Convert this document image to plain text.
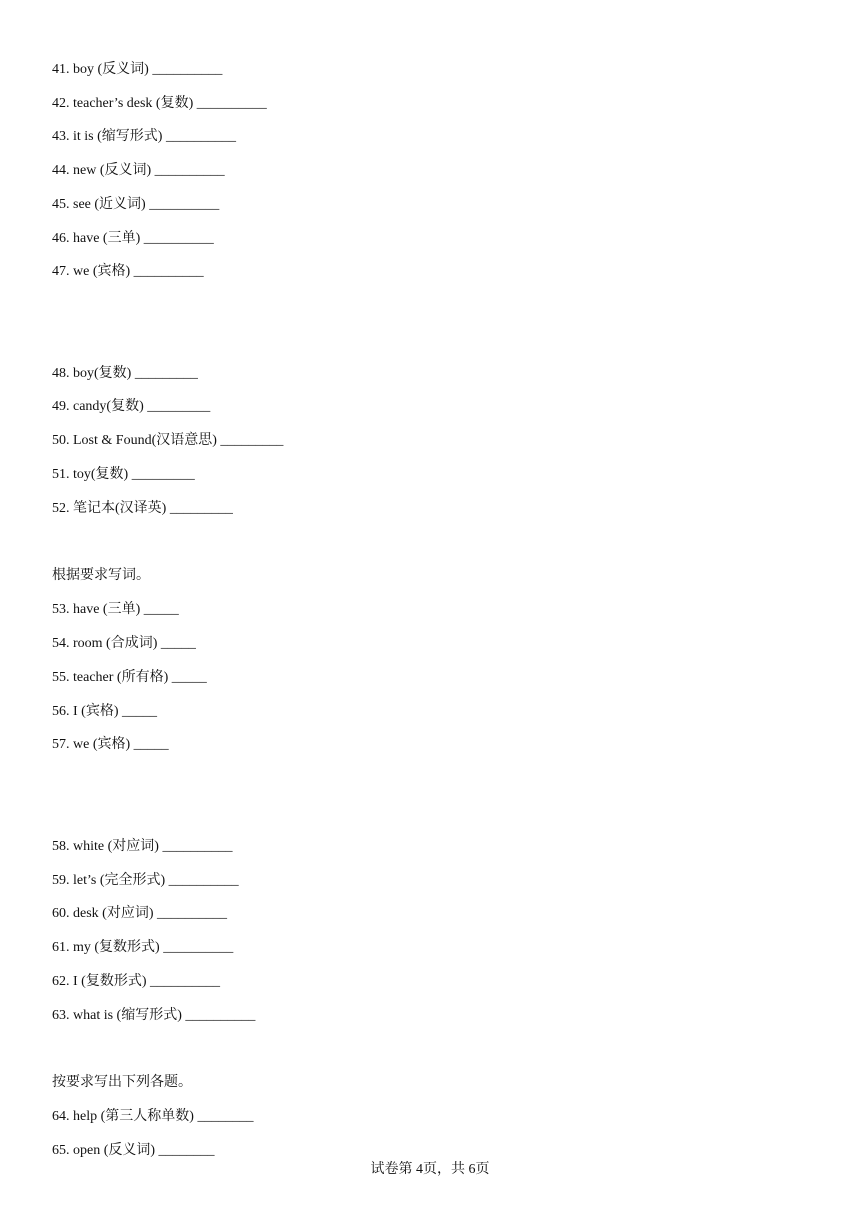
41. boy (反义词) __________
42. teacher’s desk (复数) __________
43. it is (缩写形式) __________
44. new (反义词) __________
45. see (近义词) __________
46. have (三单) __________
47. we (宾格) __________
48. boy(复数) _________
49. candy(复数) _________
50. Lost & Found(汉语意思) _________
51. toy(复数) _________
52. 笔记本(汉译英) _________
根据要求写词。
53. have (三单) _____
54. room (合成词) _____
55. teacher (所有格) _____
56. I (宾格) _____
57. we (宾格) _____
58. white (对应词) __________
59. let’s (完全形式) __________
60. desk (对应词) __________
61. my (复数形式) __________
62. I (复数形式) __________
63. what is (缩写形式) __________
按要求写出下列各题。
64. help (第三人称单数) ________
65. open (反义词) ________
试卷第 4页，共 6页
